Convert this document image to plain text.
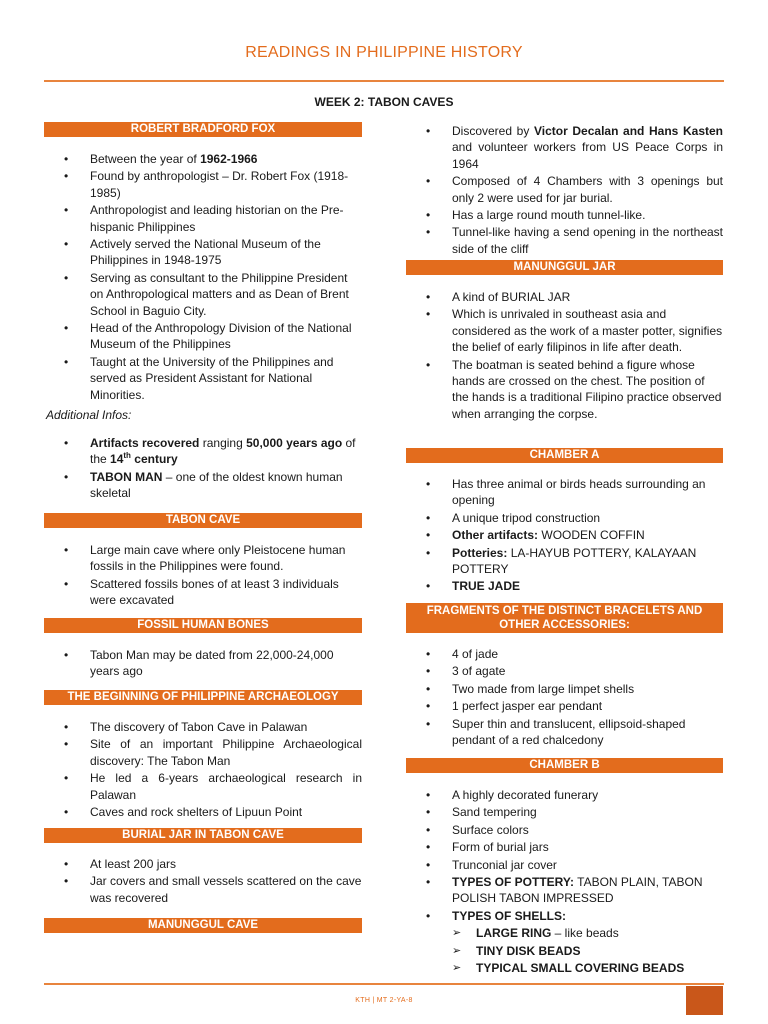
READINGS IN PHILIPPINE HISTORY
WEEK 2: TABON CAVES
ROBERT BRADFORD FOX
• Between the year of 1962-1966
• Found by anthropologist – Dr. Robert Fox (1918-1985)
• Anthropologist and leading historian on the Pre-hispanic Philippines
• Actively served the National Museum of the Philippines in 1948-1975
• Serving as consultant to the Philippine President on Anthropological matters and as Dean of Brent School in Baguio City.
• Head of the Anthropology Division of the National Museum of the Philippines
• Taught at the University of the Philippines and served as President Assistant for National Minorities.
Additional Infos:
• Artifacts recovered ranging 50,000 years ago of the 14th century
• TABON MAN – one of the oldest known human skeletal
TABON CAVE
• Large main cave where only Pleistocene human fossils in the Philippines were found.
• Scattered fossils bones of at least 3 individuals were excavated
FOSSIL HUMAN BONES
• Tabon Man may be dated from 22,000-24,000 years ago
THE BEGINNING OF PHILIPPINE ARCHAEOLOGY
• The discovery of Tabon Cave in Palawan
• Site of an important Philippine Archaeological discovery: The Tabon Man
• He led a 6-years archaeological research in Palawan
• Caves and rock shelters of Lipuun Point
BURIAL JAR IN TABON CAVE
• At least 200 jars
• Jar covers and small vessels scattered on the cave was recovered
MANUNGGUL CAVE
• Discovered by Victor Decalan and Hans Kasten and volunteer workers from US Peace Corps in 1964
• Composed of 4 Chambers with 3 openings but only 2 were used for jar burial.
• Has a large round mouth tunnel-like.
• Tunnel-like having a send opening in the northeast side of the cliff
MANUNGGUL JAR
• A kind of BURIAL JAR
• Which is unrivaled in southeast asia and considered as the work of a master potter, signifies the belief of early filipinos in life after death.
• The boatman is seated behind a figure whose hands are crossed on the chest. The position of the hands is a traditional Filipino practice observed when arranging the corpse.
CHAMBER A
• Has three animal or birds heads surrounding an opening
• A unique tripod construction
• Other artifacts: WOODEN COFFIN
• Potteries: LA-HAYUB POTTERY, KALAYAAN POTTERY
• TRUE JADE
FRAGMENTS OF THE DISTINCT BRACELETS AND OTHER ACCESSORIES:
• 4 of jade
• 3 of agate
• Two made from large limpet shells
• 1 perfect jasper ear pendant
• Super thin and translucent, ellipsoid-shaped pendant of a red chalcedony
CHAMBER B
• A highly decorated funerary
• Sand tempering
• Surface colors
• Form of burial jars
• Trunconial jar cover
• TYPES OF POTTERY: TABON PLAIN, TABON POLISH TABON IMPRESSED
• TYPES OF SHELLS:
➢ LARGE RING – like beads
➢ TINY DISK BEADS
➢ TYPICAL SMALL COVERING BEADS
KTH | MT 2-YA-8
